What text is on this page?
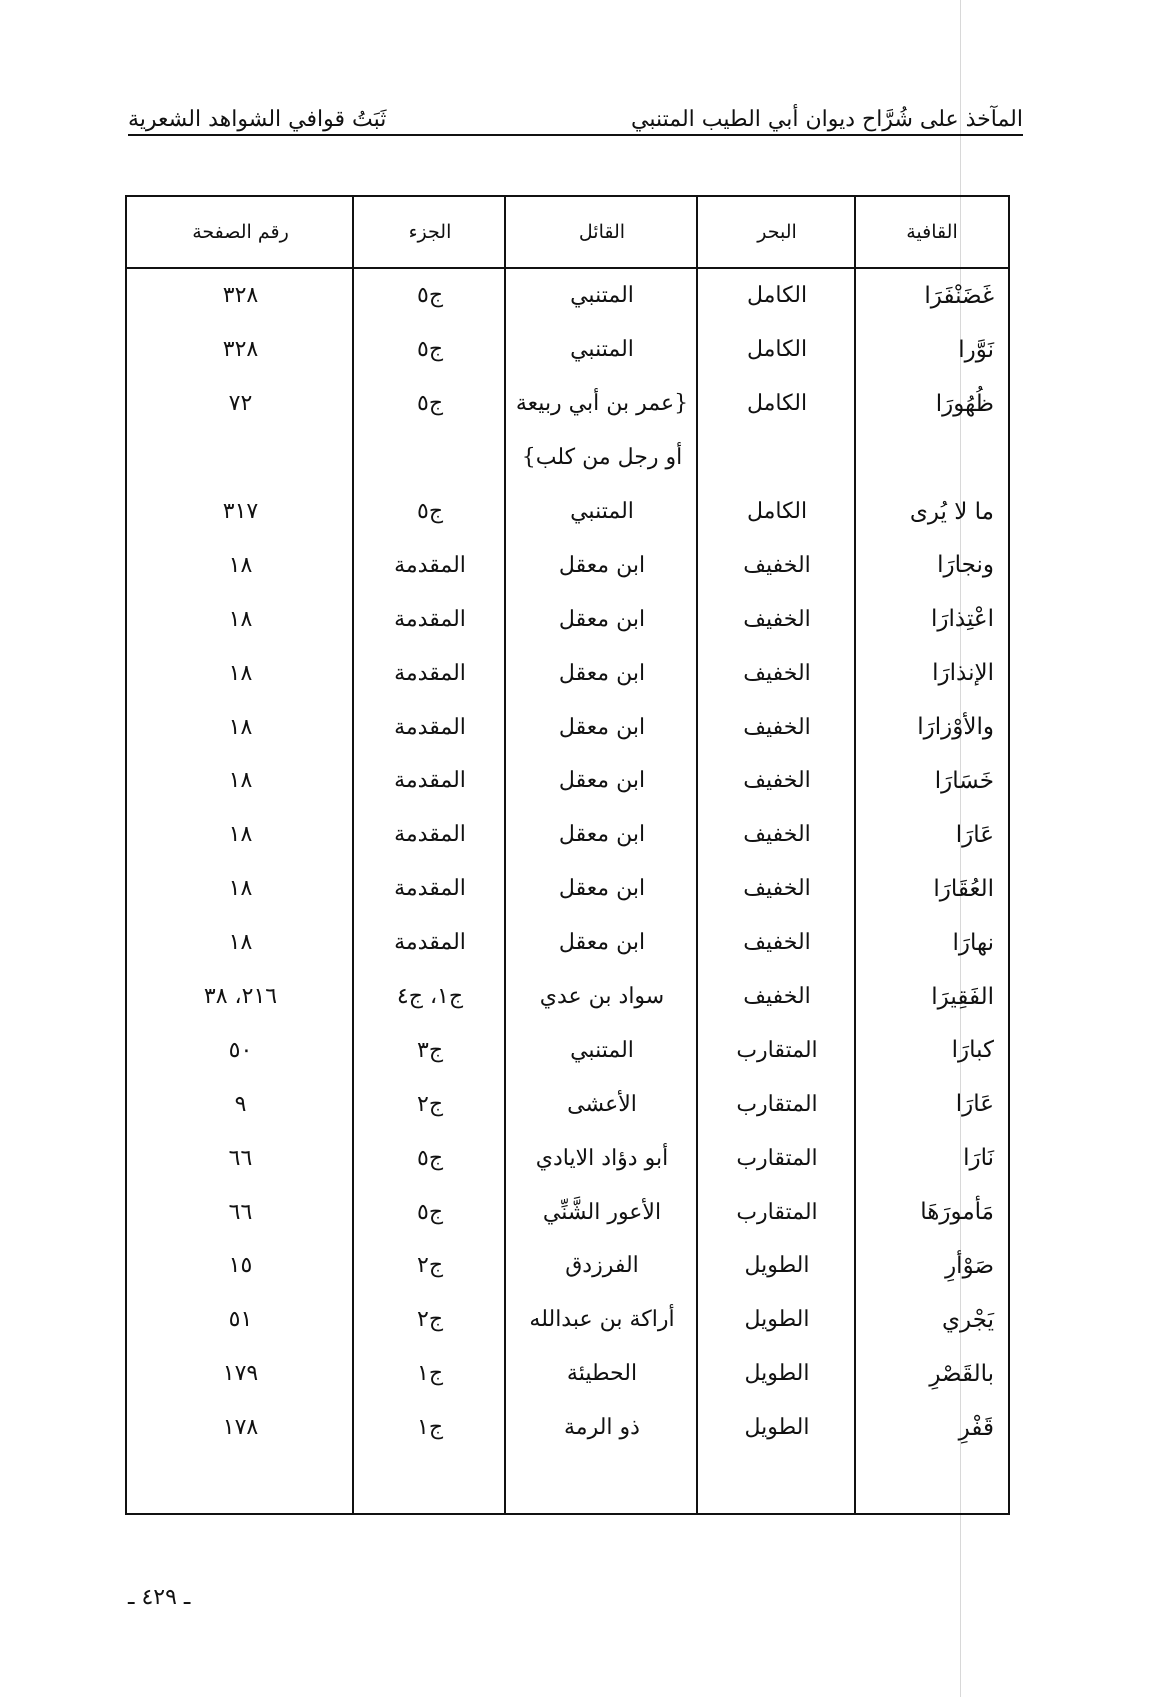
المآخذ على شُرَّاح ديوان أبي الطيب المتنبي
ثَبَتُ قوافي الشواهد الشعرية
القافية	البحر	القائل	الجزء	رقم الصفحة
غَضَنْفَرَا	الكامل	المتنبي	ج٥	٣٢٨
نَوَّرا	الكامل	المتنبي	ج٥	٣٢٨
ظُهُورَا	الكامل	{عمر بن أبي ربيعة	ج٥	٧٢
		أو رجل من كلب}		
ما لا يُرى	الكامل	المتنبي	ج٥	٣١٧
ونجارَا	الخفيف	ابن معقل	المقدمة	١٨
اعْتِذارَا	الخفيف	ابن معقل	المقدمة	١٨
الإنذارَا	الخفيف	ابن معقل	المقدمة	١٨
والأوْزارَا	الخفيف	ابن معقل	المقدمة	١٨
خَسَارَا	الخفيف	ابن معقل	المقدمة	١٨
عَارَا	الخفيف	ابن معقل	المقدمة	١٨
العُقَارَا	الخفيف	ابن معقل	المقدمة	١٨
نهارَا	الخفيف	ابن معقل	المقدمة	١٨
الفَقِيرَا	الخفيف	سواد بن عدي	ج١، ج٤	٢١٦، ٣٨
كبارَا	المتقارب	المتنبي	ج٣	٥٠
عَارَا	المتقارب	الأعشى	ج٢	٩
نَارَا	المتقارب	أبو دؤاد الايادي	ج٥	٦٦
مَأمورَهَا	المتقارب	الأعور الشَّنِّي	ج٥	٦٦
صَوْأرِ	الطويل	الفرزدق	ج٢	١٥
يَجْري	الطويل	أراكة بن عبدالله	ج٢	٥١
بالقَصْرِ	الطويل	الحطيئة	ج١	١٧٩
قَفْرِ	الطويل	ذو الرمة	ج١	١٧٨
ـ ٤٢٩ ـ
